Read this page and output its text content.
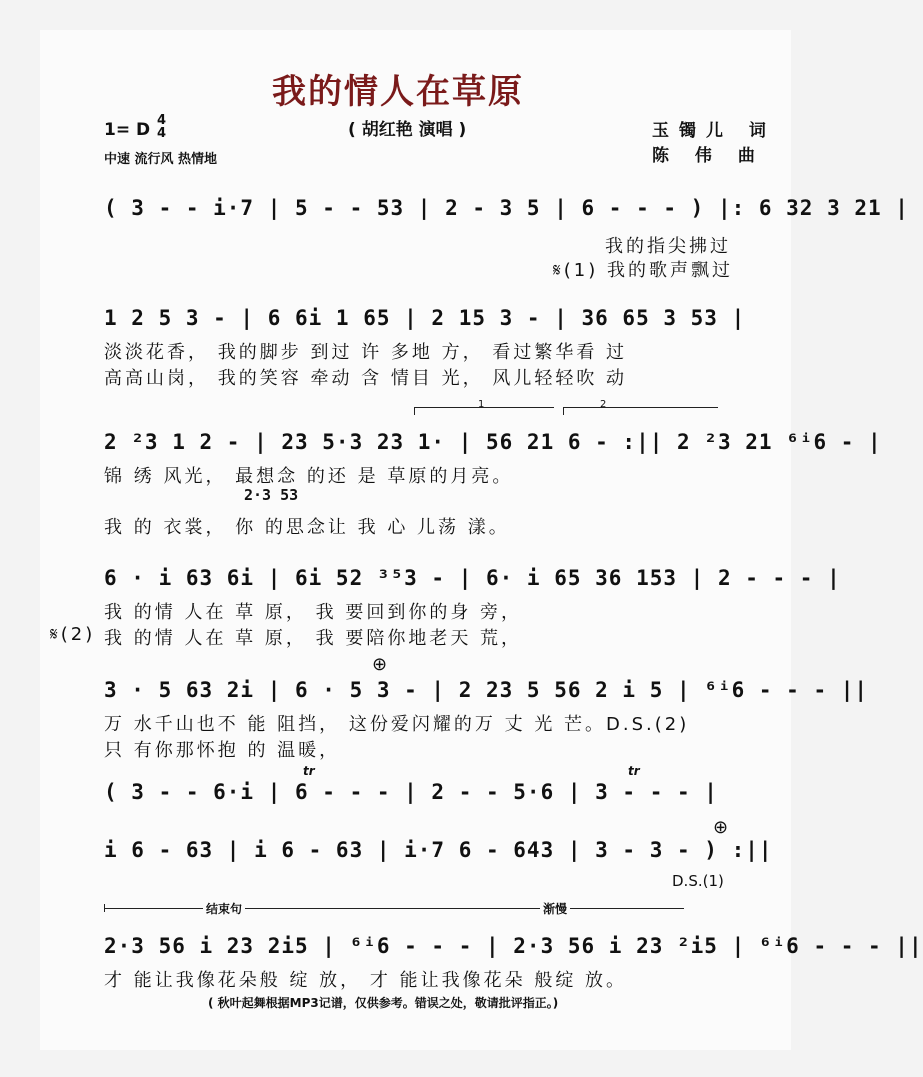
我的情人在草原
( 胡红艳 演唱 )
1= D 4
4
中速 流行风 热情地
玉镯儿 词
陈 伟 曲
( 3 - - i·7 | 5 - - 53 | 2 - 3 5 | 6 - - - ) |: 6 32 3 21 |
我的指尖拂过
𝄋(1) 我的歌声飘过
1 2 5 3 - | 6 6i 1 65 | 2 15 3 - | 36 65 3 53 |
淡淡花香， 我的脚步 到过 许 多地 方， 看过繁华看 过
高高山岗， 我的笑容 牵动 含 情目 光， 风儿轻轻吹 动
1	2
2 ²3 1 2 - | 23 5·3 23 1· | 56 21 6 - :|| 2 ²3 21 ⁶ⁱ6 - |
锦 绣 风光， 最想念 的还 是 草原的月亮。
2·3 53
我 的 衣裳， 你 的思念让 我 心 儿荡 漾。
6 · i 63 6i | 6i 52 ³⁵3 - | 6· i 65 36 153 | 2 - - - |
我 的情 人在 草 原， 我 要回到你的身 旁，
𝄋(2) 我 的情 人在 草 原， 我 要陪你地老天 荒，
⊕
3 · 5 63 2i | 6 · 5 3 - | 2 23 5 56 2 i 5 | ⁶ⁱ6 - - - ||
万 水千山也不 能 阻挡， 这份爱闪耀的万 丈 光 芒。D.S.(2)
只 有你那怀抱 的 温暖，
tr	tr
( 3 - - 6·i | 6 - - - | 2 - - 5·6 | 3 - - - |
⊕
i 6 - 63 | i 6 - 63 | i·7 6 - 643 | 3 - 3 - ) :||
D.S.(1)
结束句	渐慢
2·3 56 i 23 2i5 | ⁶ⁱ6 - - - | 2·3 56 i 23 ²i5 | ⁶ⁱ6 - - - ||
才 能让我像花朵般 绽 放， 才 能让我像花朵 般绽 放。
( 秋叶起舞根据MP3记谱，仅供参考。错误之处，敬请批评指正。)
